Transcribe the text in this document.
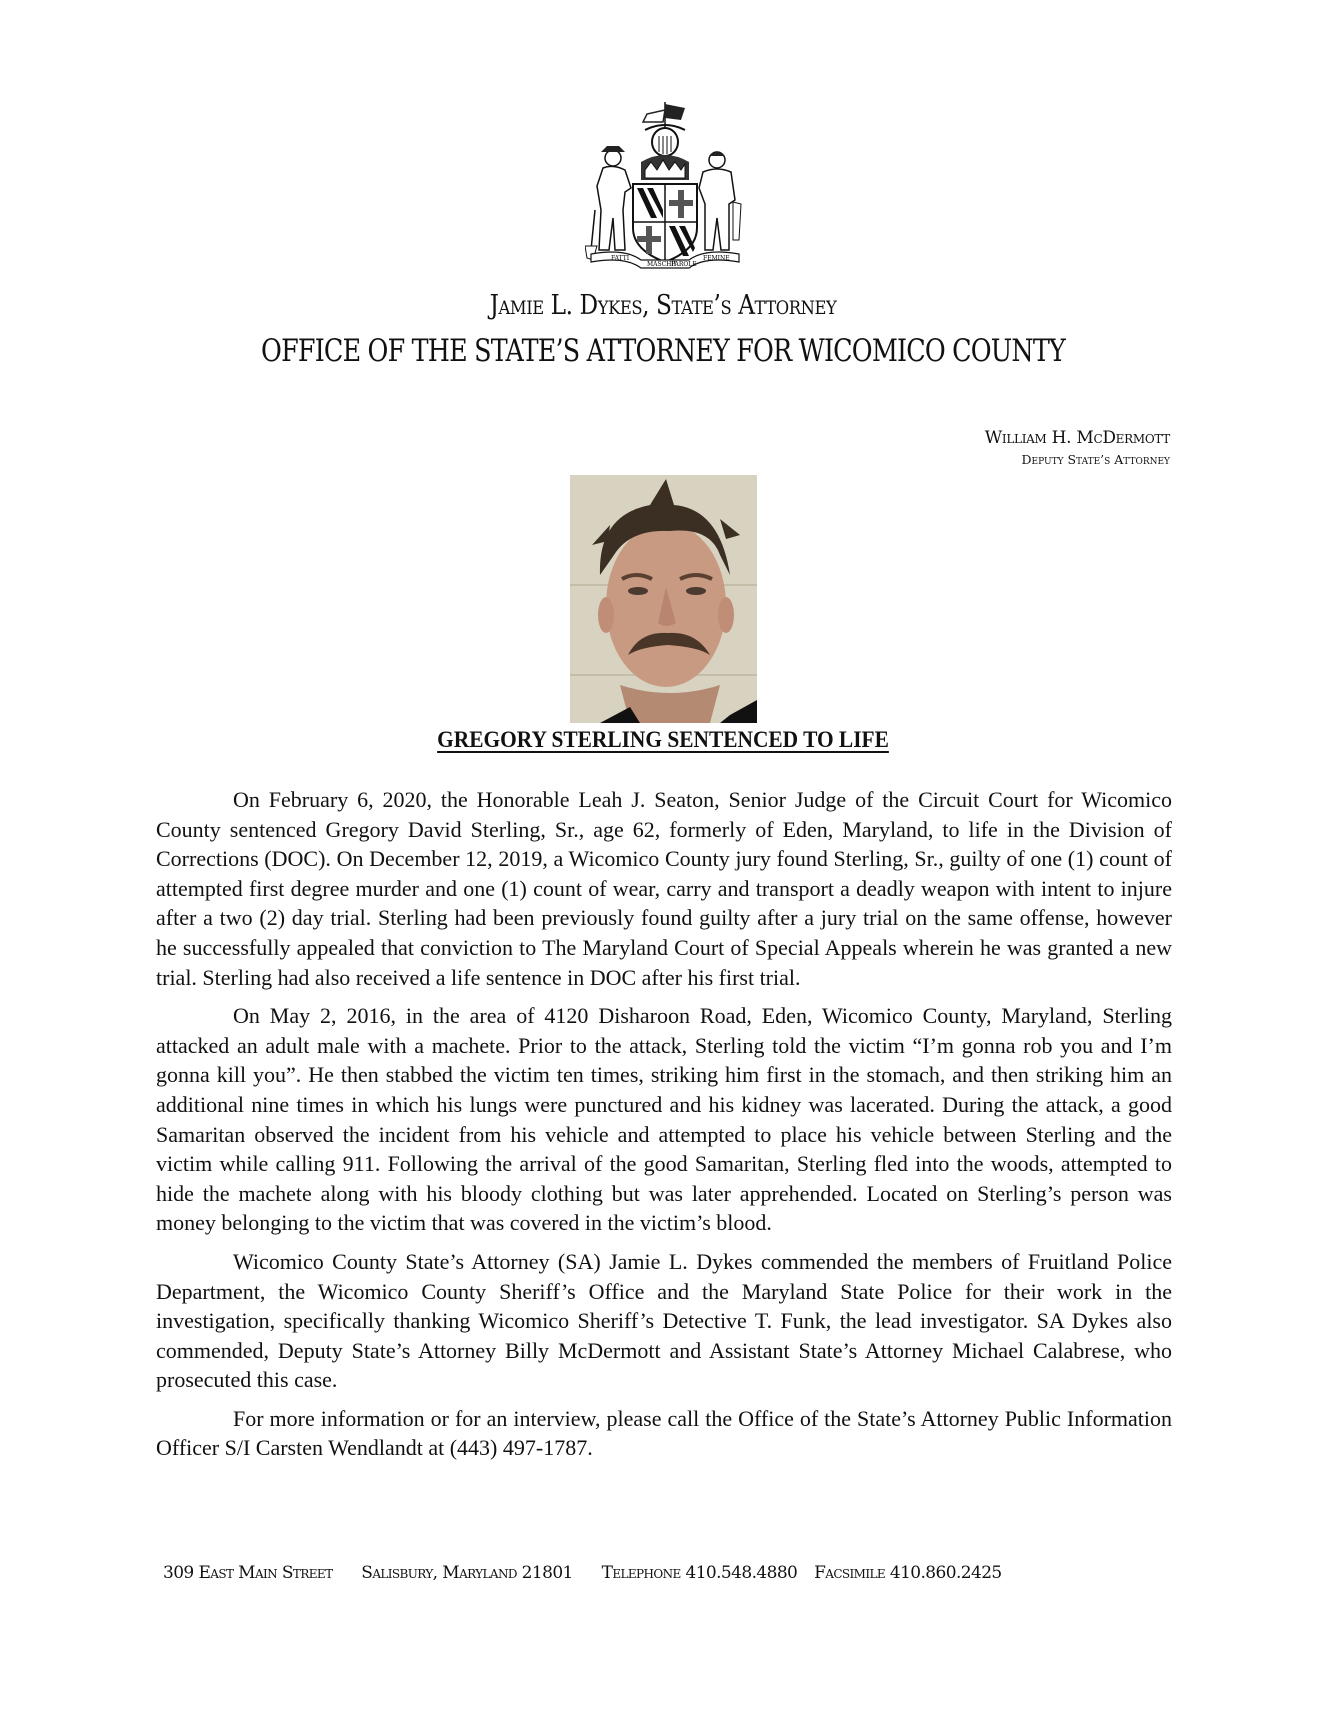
FATTI
MASCHII
PAROLE
FEMINE
Jamie L. Dykes, State’s Attorney
OFFICE OF THE STATE’S ATTORNEY FOR WICOMICO COUNTY
William H. McDermott
Deputy State’s Attorney
GREGORY STERLING SENTENCED TO LIFE

On February 6, 2020, the Honorable Leah J. Seaton, Senior Judge of the Circuit Court for Wicomico County sentenced Gregory David Sterling, Sr., age 62, formerly of Eden, Maryland, to life in the Division of Corrections (DOC). On December 12, 2019, a Wicomico County jury found Sterling, Sr., guilty of one (1) count of attempted first degree murder and one (1) count of wear, carry and transport a deadly weapon with intent to injure after a two (2) day trial. Sterling had been previously found guilty after a jury trial on the same offense, however he successfully appealed that conviction to The Maryland Court of Special Appeals wherein he was granted a new trial. Sterling had also received a life sentence in DOC after his first trial.

On May 2, 2016, in the area of 4120 Disharoon Road, Eden, Wicomico County, Maryland, Sterling attacked an adult male with a machete. Prior to the attack, Sterling told the victim “I’m gonna rob you and I’m gonna kill you”. He then stabbed the victim ten times, striking him first in the stomach, and then striking him an additional nine times in which his lungs were punctured and his kidney was lacerated. During the attack, a good Samaritan observed the incident from his vehicle and attempted to place his vehicle between Sterling and the victim while calling 911. Following the arrival of the good Samaritan, Sterling fled into the woods, attempted to hide the machete along with his bloody clothing but was later apprehended. Located on Sterling’s person was money belonging to the victim that was covered in the victim’s blood.

Wicomico County State’s Attorney (SA) Jamie L. Dykes commended the members of Fruitland Police Department, the Wicomico County Sheriff’s Office and the Maryland State Police for their work in the investigation, specifically thanking Wicomico Sheriff’s Detective T. Funk, the lead investigator. SA Dykes also commended, Deputy State’s Attorney Billy McDermott and Assistant State’s Attorney Michael Calabrese, who prosecuted this case.

For more information or for an interview, please call the Office of the State’s Attorney Public Information Officer S/I Carsten Wendlandt at (443) 497-1787.

309 East Main Street Salisbury, Maryland 21801 Telephone 410.548.4880 Facsimile 410.860.2425
